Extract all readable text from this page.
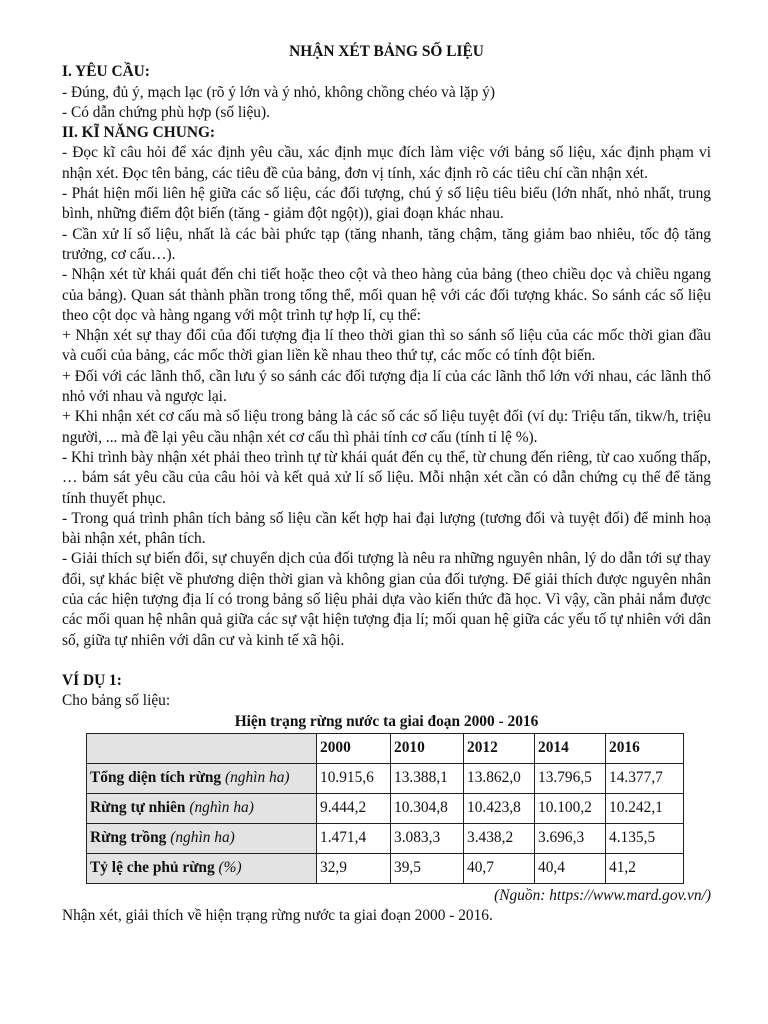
NHẬN XÉT BẢNG SỐ LIỆU
I. YÊU CẦU:

- Đúng, đủ ý, mạch lạc (rõ ý lớn và ý nhỏ, không chồng chéo và lặp ý)

- Có dẫn chứng phù hợp (số liệu).

II. KĨ NĂNG CHUNG:

- Đọc kĩ câu hỏi để xác định yêu cầu, xác định mục đích làm việc với bảng số liệu, xác định phạm vi nhận xét. Đọc tên bảng, các tiêu đề của bảng, đơn vị tính, xác định rõ các tiêu chí cần nhận xét.

- Phát hiện mối liên hệ giữa các số liệu, các đối tượng, chú ý số liệu tiêu biểu (lớn nhất, nhỏ nhất, trung bình, những điểm đột biến (tăng - giảm đột ngột)), giai đoạn khác nhau.

- Cần xử lí số liệu, nhất là các bài phức tạp (tăng nhanh, tăng chậm, tăng giảm bao nhiêu, tốc độ tăng trưởng, cơ cấu…).

- Nhận xét từ khái quát đến chi tiết hoặc theo cột và theo hàng của bảng (theo chiều dọc và chiều ngang của bảng). Quan sát thành phần trong tổng thể, mối quan hệ với các đối tượng khác. So sánh các số liệu theo cột dọc và hàng ngang với một trình tự hợp lí, cụ thể:

+ Nhận xét sự thay đổi của đối tượng địa lí theo thời gian thì so sánh số liệu của các mốc thời gian đầu và cuối của bảng, các mốc thời gian liền kề nhau theo thứ tự, các mốc có tính đột biến.

+ Đối với các lãnh thổ, cần lưu ý so sánh các đối tượng địa lí của các lãnh thổ lớn với nhau, các lãnh thổ nhỏ với nhau và ngược lại.

+ Khi nhận xét cơ cấu mà số liệu trong bảng là các số các số liệu tuyệt đối (ví dụ: Triệu tấn, tikw/h, triệu người, ... mà đề lại yêu cầu nhận xét cơ cấu thì phải tính cơ cấu (tính tỉ lệ %).

- Khi trình bày nhận xét phải theo trình tự từ khái quát đến cụ thể, từ chung đến riêng, từ cao xuống thấp, … bám sát yêu cầu của câu hỏi và kết quả xử lí số liệu. Mỗi nhận xét cần có dẫn chứng cụ thể để tăng tính thuyết phục.

- Trong quá trình phân tích bảng số liệu cần kết hợp hai đại lượng (tương đối và tuyệt đối) để minh hoạ bài nhận xét, phân tích.

- Giải thích sự biến đổi, sự chuyển dịch của đối tượng là nêu ra những nguyên nhân, lý do dẫn tới sự thay đổi, sự khác biệt về phương diện thời gian và không gian của đối tượng. Để giải thích được nguyên nhân của các hiện tượng địa lí có trong bảng số liệu phải dựa vào kiến thức đã học. Vì vậy, cần phải nắm được các mối quan hệ nhân quả giữa các sự vật hiện tượng địa lí; mối quan hệ giữa các yếu tố tự nhiên với dân số, giữa tự nhiên với dân cư và kinh tế xã hội.

VÍ DỤ 1:
Cho bảng số liệu:
Hiện trạng rừng nước ta giai đoạn 2000 - 2016
	2000	2010	2012	2014	2016
Tổng diện tích rừng (nghìn ha)	10.915,6	13.388,1	13.862,0	13.796,5	14.377,7
Rừng tự nhiên (nghìn ha)	9.444,2	10.304,8	10.423,8	10.100,2	10.242,1
Rừng trồng (nghìn ha)	1.471,4	3.083,3	3.438,2	3.696,3	4.135,5
Tỷ lệ che phủ rừng (%)	32,9	39,5	40,7	40,4	41,2
(Nguồn: https://www.mard.gov.vn/)
Nhận xét, giải thích về hiện trạng rừng nước ta giai đoạn 2000 - 2016.
